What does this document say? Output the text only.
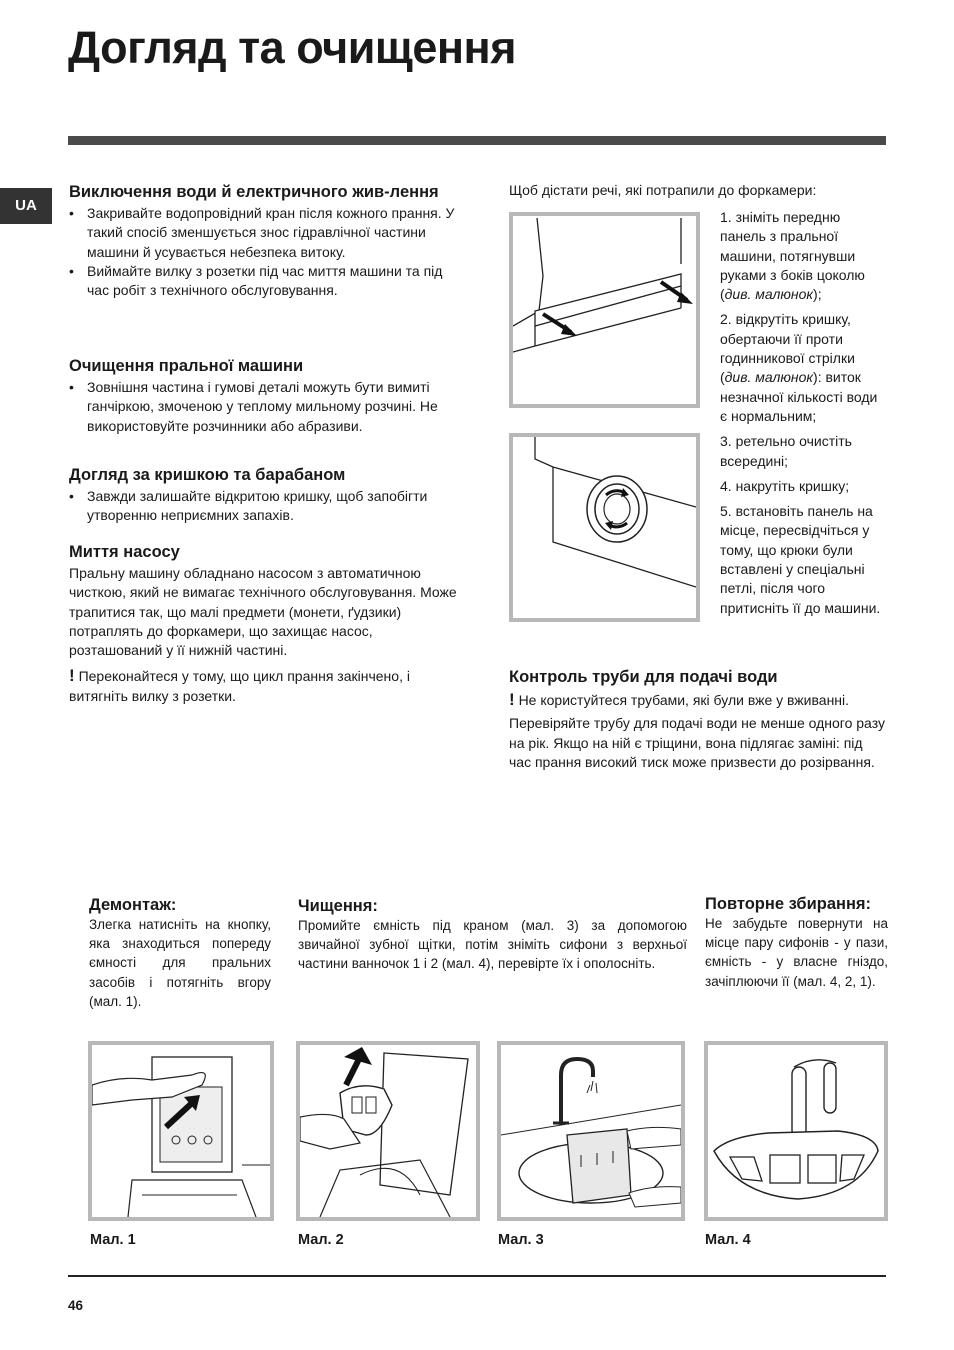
Догляд та очищення
UA
Виключення води й електричного жив-лення
• Закривайте водопровідний кран після кожного прання. У такий спосіб зменшується знос гідравлічної частини машини й усувається небезпека витоку.
• Виймайте вилку з розетки під час миття машини та під час робіт з технічного обслуговування.
Очищення пральної машини
• Зовнішня частина і гумові деталі можуть бути вимиті ганчіркою, змоченою у теплому мильному розчині. Не використовуйте розчинники або абразиви.
Догляд за кришкою та барабаном
• Завжди залишайте відкритою кришку, щоб запобігти утворенню неприємних запахів.
Миття насосу

Пральну машину обладнано насосом з автоматичною чисткою, який не вимагає технічного обслуговування. Може трапитися так, що малі предмети (монети, ґудзики) потраплять до форкамери, що захищає насос, розташований у її нижній частині.

! Переконайтеся у тому, що цикл прання закінчено, і витягніть вилку з розетки.

Щоб дістати речі, які потрапили до форкамери:

1. зніміть передню панель з пральної машини, потягнувши руками з боків цоколю (див. малюнок);

2. відкрутіть кришку, обертаючи її проти годинникової стрілки (див. малюнок): виток незначної кількості води є нормальним;

3. ретельно очистіть всередині;

4. накрутіть кришку;

5. встановіть панель на місце, пересвідчіться у тому, що крюки були вставлені у спеціальні петлі, після чого притисніть її до машини.

Контроль труби для подачі води

! Не користуйтеся трубами, які були вже у вживанні.

Перевіряйте трубу для подачі води не менше одного разу на рік. Якщо на ній є тріщини, вона підлягає заміні: під час прання високий тиск може призвести до розірвання.

Демонтаж:

Злегка натисніть на кнопку, яка знаходиться попереду ємності для пральних засобів і потягніть вгору (мал. 1).

Чищення:

Промийте ємність під краном (мал. 3) за допомогою звичайної зубної щітки, потім зніміть сифони з верхньої частини ванночок 1 і 2 (мал. 4), перевірте їх і ополосніть.

Повторне збирання:

Не забудьте повернути на місце пару сифонів - у пази, ємність - у власне гніздо, зачіплюючи її (мал. 4, 2, 1).

Мал. 1	Мал. 2	Мал. 3	Мал. 4
46
